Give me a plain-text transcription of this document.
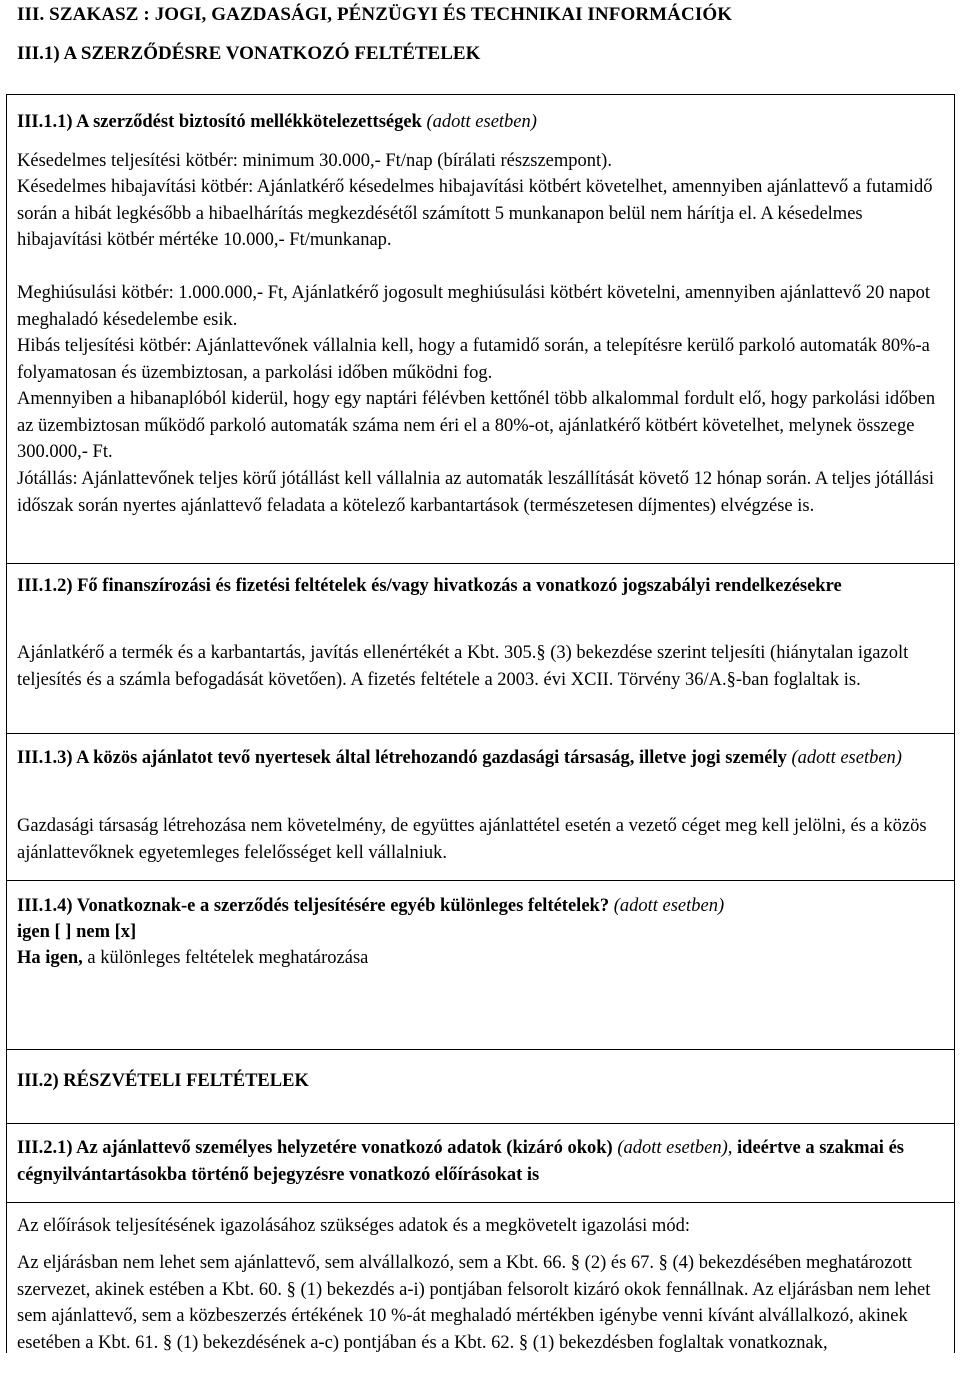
III. SZAKASZ : JOGI, GAZDASÁGI, PÉNZÜGYI ÉS TECHNIKAI INFORMÁCIÓK
III.1) A SZERZŐDÉSRE VONATKOZÓ FELTÉTELEK
III.1.1) A szerződést biztosító mellékkötelezettségek (adott esetben)
Késedelmes teljesítési kötbér: minimum 30.000,- Ft/nap (bírálati részszempont).
Késedelmes hibajavítási kötbér: Ajánlatkérő késedelmes hibajavítási kötbért követelhet, amennyiben ajánlattevő a futamidő során a hibát legkésőbb a hibaelhárítás megkezdésétől számított 5 munkanapon belül nem hárítja el. A késedelmes hibajavítási kötbér mértéke 10.000,- Ft/munkanap.
Meghiúsulási kötbér: 1.000.000,- Ft, Ajánlatkérő jogosult meghiúsulási kötbért követelni, amennyiben ajánlattevő 20 napot meghaladó késedelembe esik.
Hibás teljesítési kötbér: Ajánlattevőnek vállalnia kell, hogy a futamidő során, a telepítésre kerülő parkoló automaták 80%-a folyamatosan és üzembiztosan, a parkolási időben működni fog.
Amennyiben a hibanaplóból kiderül, hogy egy naptári félévben kettőnél több alkalommal fordult elő, hogy parkolási időben az üzembiztosan működő parkoló automaták száma nem éri el a 80%-ot, ajánlatkérő kötbért követelhet, melynek összege 300.000,- Ft.
Jótállás: Ajánlattevőnek teljes körű jótállást kell vállalnia az automaták leszállítását követő 12 hónap során. A teljes jótállási időszak során nyertes ajánlattevő feladata a kötelező karbantartások (természetesen díjmentes) elvégzése is.
III.1.2) Fő finanszírozási és fizetési feltételek és/vagy hivatkozás a vonatkozó jogszabályi rendelkezésekre
Ajánlatkérő a termék és a karbantartás, javítás ellenértékét a Kbt. 305.§ (3) bekezdése szerint teljesíti (hiánytalan igazolt teljesítés és a számla befogadását követően). A fizetés feltétele a 2003. évi XCII. Törvény 36/A.§-ban foglaltak is.
III.1.3) A közös ajánlatot tevő nyertesek által létrehozandó gazdasági társaság, illetve jogi személy (adott esetben)
Gazdasági társaság létrehozása nem követelmény, de együttes ajánlattétel esetén a vezető céget meg kell jelölni, és a közös ajánlattevőknek egyetemleges felelősséget kell vállalniuk.
III.1.4) Vonatkoznak-e a szerződés teljesítésére egyéb különleges feltételek? (adott esetben)
igen [ ] nem [x]
Ha igen, a különleges feltételek meghatározása
III.2) RÉSZVÉTELI FELTÉTELEK
III.2.1) Az ajánlattevő személyes helyzetére vonatkozó adatok (kizáró okok) (adott esetben), ideértve a szakmai és cégnyilvántartásokba történő bejegyzésre vonatkozó előírásokat is
Az előírások teljesítésének igazolásához szükséges adatok és a megkövetelt igazolási mód:
Az eljárásban nem lehet sem ajánlattevő, sem alvállalkozó, sem a Kbt. 66. § (2) és 67. § (4) bekezdésében meghatározott szervezet, akinek estében a Kbt. 60. § (1) bekezdés a-i) pontjában felsorolt kizáró okok fennállnak. Az eljárásban nem lehet sem ajánlattevő, sem a közbeszerzés értékének 10 %-át meghaladó mértékben igénybe venni kívánt alvállalkozó, akinek esetében a Kbt. 61. § (1) bekezdésének a-c) pontjában és a Kbt. 62. § (1) bekezdésben foglaltak vonatkoznak,
